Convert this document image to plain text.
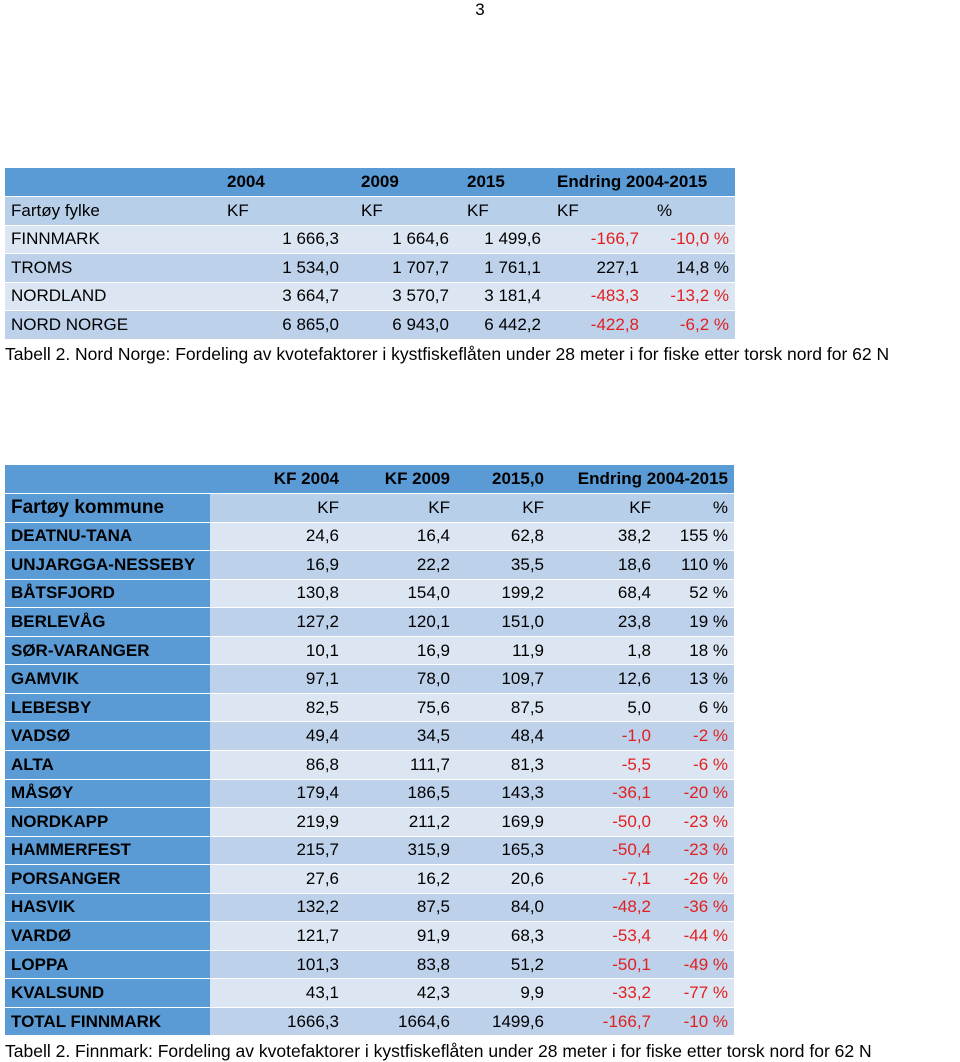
3
	2004	2009	2015	Endring 2004-2015	
Fartøy fylke	KF	KF	KF	KF	%
FINNMARK	1 666,3	1 664,6	1 499,6	-166,7	-10,0 %
TROMS	1 534,0	1 707,7	1 761,1	227,1	14,8 %
NORDLAND	3 664,7	3 570,7	3 181,4	-483,3	-13,2 %
NORD NORGE	6 865,0	6 943,0	6 442,2	-422,8	-6,2 %
Tabell 2. Nord Norge: Fordeling av kvotefaktorer i kystfiskeflåten under 28 meter i for fiske etter torsk nord for 62 N
	KF 2004	KF 2009	2015,0	Endring 2004-2015	
Fartøy kommune	KF	KF	KF	KF	%
DEATNU-TANA	24,6	16,4	62,8	38,2	155 %
UNJARGGA-NESSEBY	16,9	22,2	35,5	18,6	110 %
BÅTSFJORD	130,8	154,0	199,2	68,4	52 %
BERLEVÅG	127,2	120,1	151,0	23,8	19 %
SØR-VARANGER	10,1	16,9	11,9	1,8	18 %
GAMVIK	97,1	78,0	109,7	12,6	13 %
LEBESBY	82,5	75,6	87,5	5,0	6 %
VADSØ	49,4	34,5	48,4	-1,0	-2 %
ALTA	86,8	111,7	81,3	-5,5	-6 %
MÅSØY	179,4	186,5	143,3	-36,1	-20 %
NORDKAPP	219,9	211,2	169,9	-50,0	-23 %
HAMMERFEST	215,7	315,9	165,3	-50,4	-23 %
PORSANGER	27,6	16,2	20,6	-7,1	-26 %
HASVIK	132,2	87,5	84,0	-48,2	-36 %
VARDØ	121,7	91,9	68,3	-53,4	-44 %
LOPPA	101,3	83,8	51,2	-50,1	-49 %
KVALSUND	43,1	42,3	9,9	-33,2	-77 %
TOTAL FINNMARK	1666,3	1664,6	1499,6	-166,7	-10 %
Tabell 2. Finnmark: Fordeling av kvotefaktorer i kystfiskeflåten under 28 meter i for fiske etter torsk nord for 62 N
